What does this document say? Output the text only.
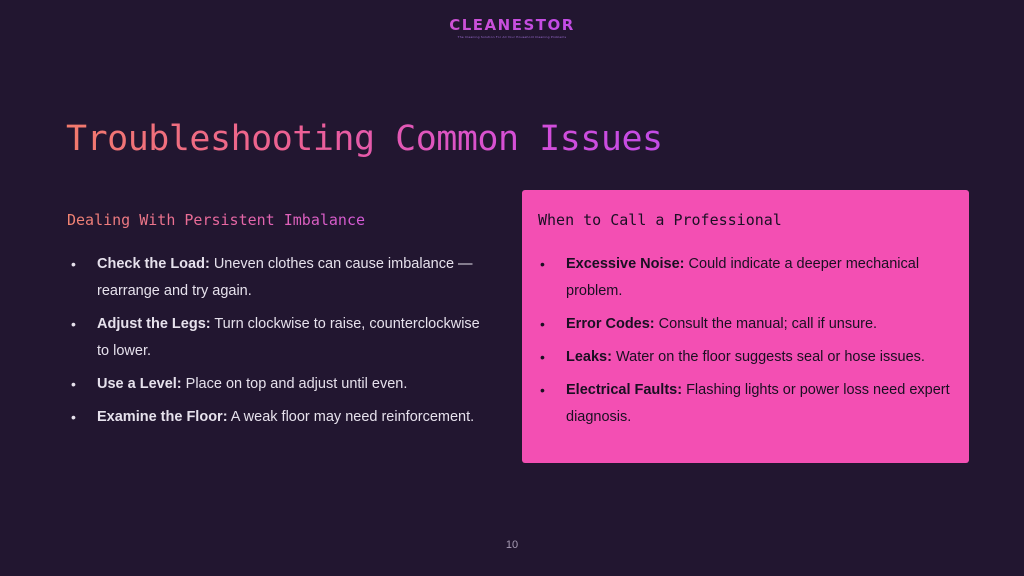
CLEANESTOR
The Cleaning Solution For All Your Household Cleaning Problems
Troubleshooting Common Issues
Dealing With Persistent Imbalance
• Check the Load: Uneven clothes can cause imbalance — rearrange and try again.
• Adjust the Legs: Turn clockwise to raise, counterclockwise to lower.
• Use a Level: Place on top and adjust until even.
• Examine the Floor: A weak floor may need reinforcement.
When to Call a Professional
• Excessive Noise: Could indicate a deeper mechanical problem.
• Error Codes: Consult the manual; call if unsure.
• Leaks: Water on the floor suggests seal or hose issues.
• Electrical Faults: Flashing lights or power loss need expert diagnosis.
10
